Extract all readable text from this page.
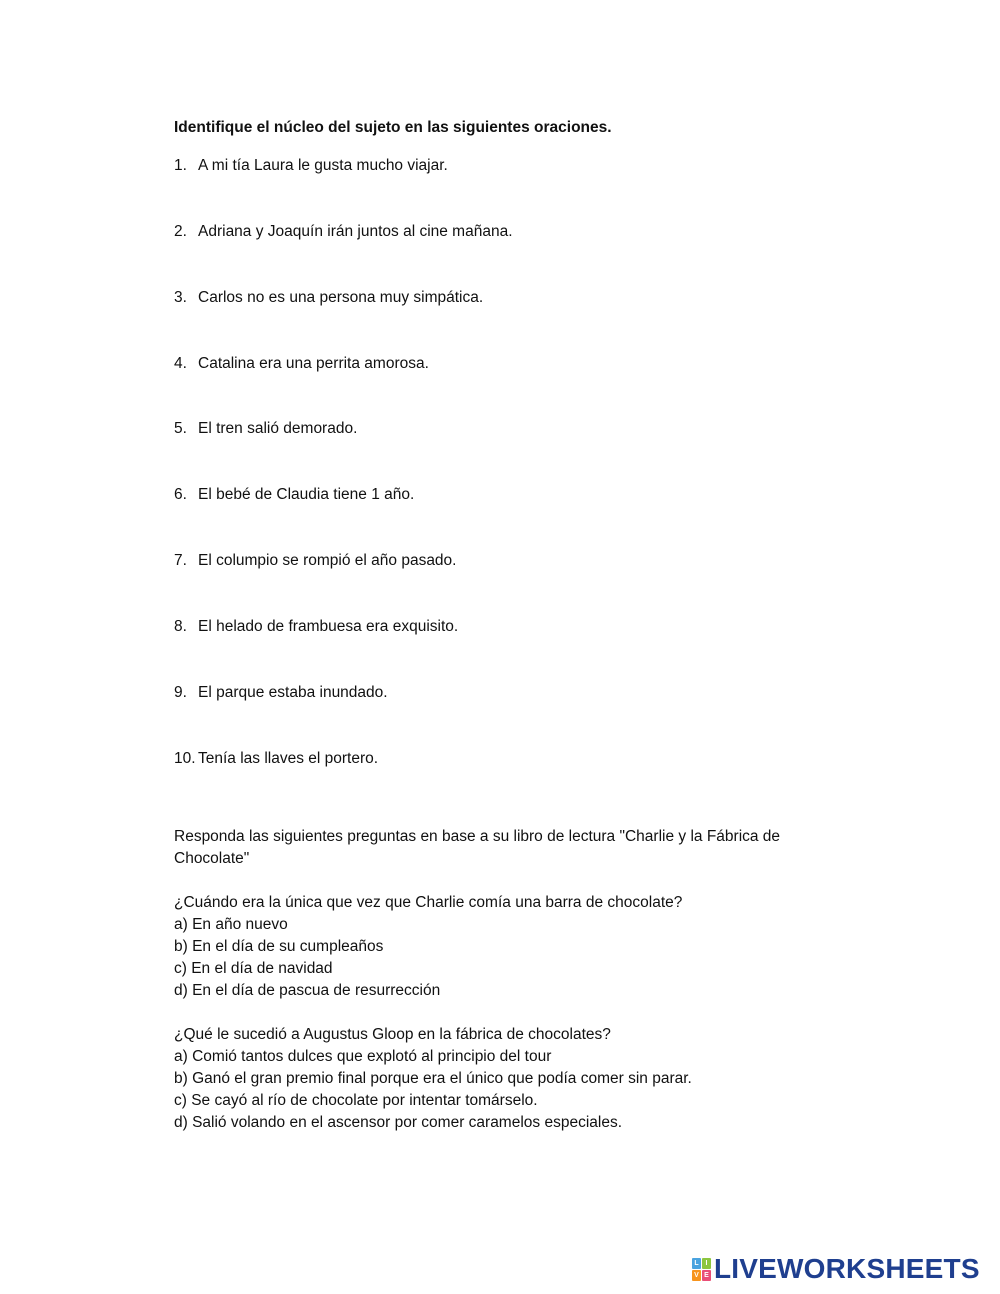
Identifique el núcleo del sujeto en las siguientes oraciones.
1. A mi tía Laura le gusta mucho viajar.
2. Adriana y Joaquín irán juntos al cine mañana.
3. Carlos no es una persona muy simpática.
4. Catalina era una perrita amorosa.
5. El tren salió demorado.
6. El bebé de Claudia tiene 1 año.
7. El columpio se rompió el año pasado.
8. El helado de frambuesa era exquisito.
9. El parque estaba inundado.
10. Tenía las llaves el portero.
Responda las siguientes preguntas en base a su libro de lectura "Charlie y la Fábrica de Chocolate"
¿Cuándo era la única que vez que Charlie comía una barra de chocolate?
a) En año nuevo
b) En el día de su cumpleaños
c) En el día de navidad
d) En el día de pascua de resurrección
¿Qué le sucedió a Augustus Gloop en la fábrica de chocolates?
a) Comió tantos dulces que explotó al principio del tour
b) Ganó el gran premio final porque era el único que podía comer sin parar.
c) Se cayó al río de chocolate por intentar tomárselo.
d) Salió volando en el ascensor por comer caramelos especiales.
L I
V E LIVEWORKSHEETS
